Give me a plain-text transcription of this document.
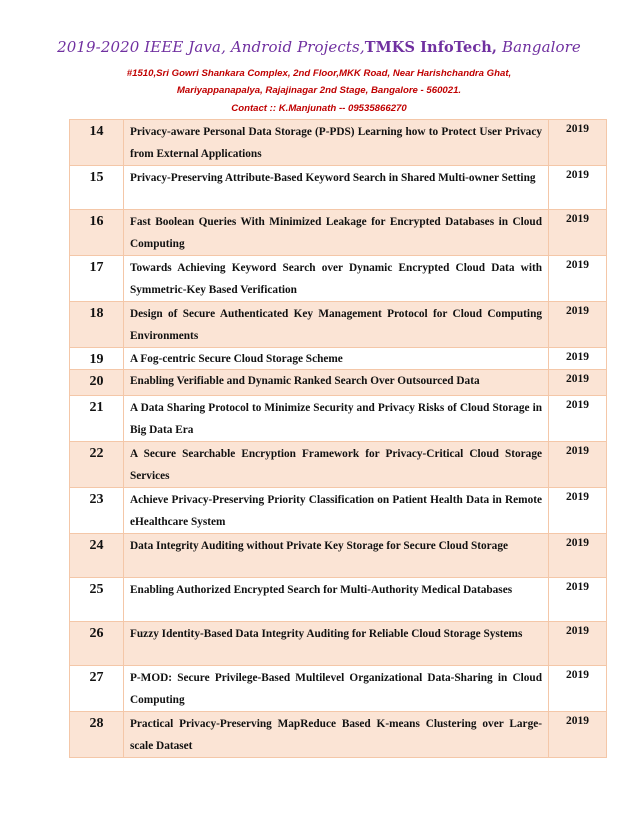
2019-2020 IEEE Java, Android Projects,TMKS InfoTech, Bangalore
#1510,Sri Gowri Shankara Complex, 2nd Floor,MKK Road, Near Harishchandra Ghat,
Mariyappanapalya, Rajajinagar 2nd Stage, Bangalore - 560021.
Contact :: K.Manjunath -- 09535866270
14	Privacy-aware Personal Data Storage (P-PDS) Learning how to Protect User Privacy from External Applications	2019
15	Privacy-Preserving Attribute-Based Keyword Search in Shared Multi-owner Setting	2019
16	Fast Boolean Queries With Minimized Leakage for Encrypted Databases in Cloud Computing	2019
17	Towards Achieving Keyword Search over Dynamic Encrypted Cloud Data with Symmetric-Key Based Verification	2019
18	Design of Secure Authenticated Key Management Protocol for Cloud Computing Environments	2019
19	A Fog-centric Secure Cloud Storage Scheme	2019
20	Enabling Verifiable and Dynamic Ranked Search Over Outsourced Data	2019
21	A Data Sharing Protocol to Minimize Security and Privacy Risks of Cloud Storage in Big Data Era	2019
22	A Secure Searchable Encryption Framework for Privacy-Critical Cloud Storage Services	2019
23	Achieve Privacy-Preserving Priority Classification on Patient Health Data in Remote eHealthcare System	2019
24	Data Integrity Auditing without Private Key Storage for Secure Cloud Storage	2019
25	Enabling Authorized Encrypted Search for Multi-Authority Medical Databases	2019
26	Fuzzy Identity-Based Data Integrity Auditing for Reliable Cloud Storage Systems	2019
27	P-MOD: Secure Privilege-Based Multilevel Organizational Data-Sharing in Cloud Computing	2019
28	Practical Privacy-Preserving MapReduce Based K-means Clustering over Large-scale Dataset	2019
